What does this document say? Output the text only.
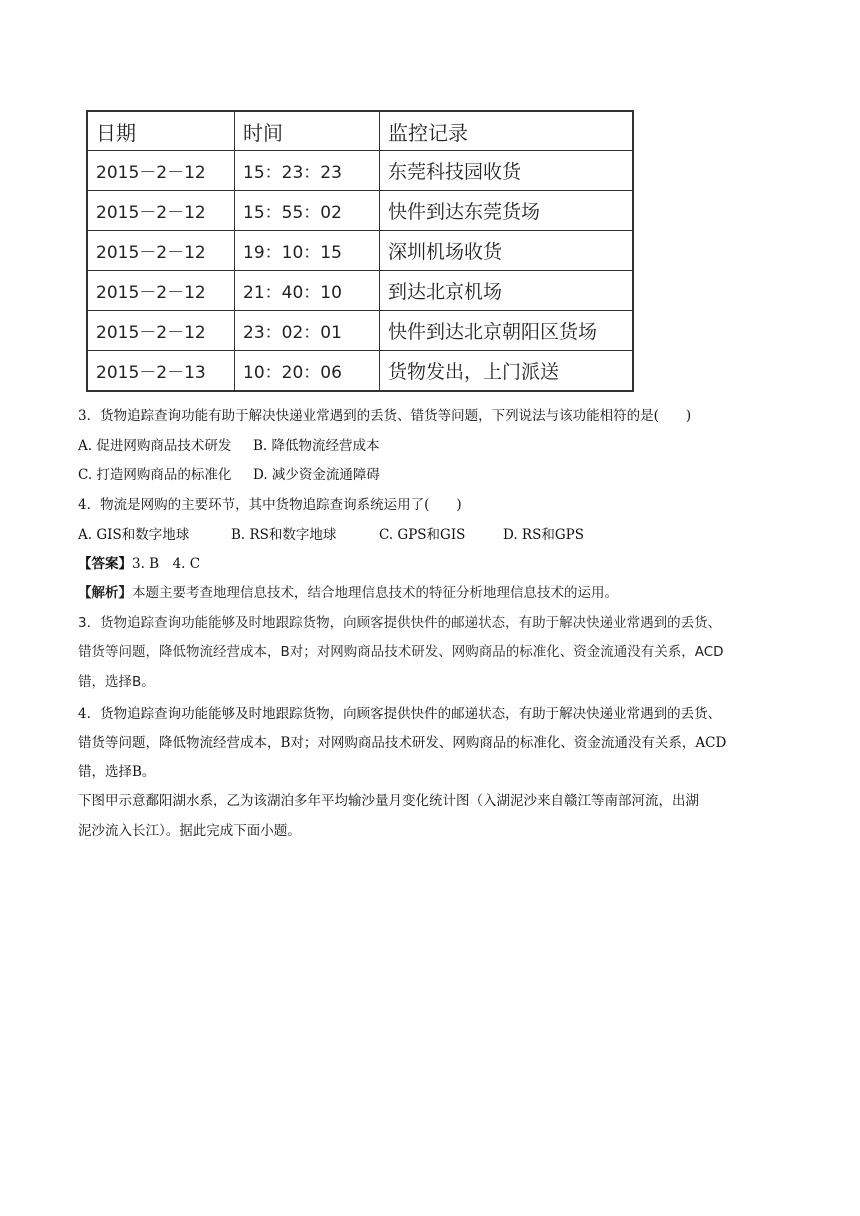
日期	时间	监控记录
2015－2－12	15：23：23	东莞科技园收货
2015－2－12	15：55：02	快件到达东莞货场
2015－2－12	19：10：15	深圳机场收货
2015－2－12	21：40：10	到达北京机场
2015－2－12	23：02：01	快件到达北京朝阳区货场
2015－2－13	10：20：06	货物发出，上门派送
3．货物追踪查询功能有助于解决快递业常遇到的丢货、错货等问题，下列说法与该功能相符的是(　　)
A. 促进网购商品技术研发 B. 降低物流经营成本
C. 打造网购商品的标准化 D. 减少资金流通障碍
4．物流是网购的主要环节，其中货物追踪查询系统运用了(　　)
A. GIS和数字地球	B. RS和数字地球	C. GPS和GIS	D. RS和GPS
【答案】3. B　4. C
【解析】本题主要考查地理信息技术，结合地理信息技术的特征分析地理信息技术的运用。
3．货物追踪查询功能能够及时地跟踪货物，向顾客提供快件的邮递状态，有助于解决快递业常遇到的丢货、
错货等问题，降低物流经营成本，B对；对网购商品技术研发、网购商品的标准化、资金流通没有关系，ACD
错，选择B。
4．货物追踪查询功能能够及时地跟踪货物，向顾客提供快件的邮递状态，有助于解决快递业常遇到的丢货、
错货等问题，降低物流经营成本，B对；对网购商品技术研发、网购商品的标准化、资金流通没有关系，ACD
错，选择B。
下图甲示意鄱阳湖水系，乙为该湖泊多年平均输沙量月变化统计图（入湖泥沙来自赣江等南部河流，出湖
泥沙流入长江）。据此完成下面小题。
